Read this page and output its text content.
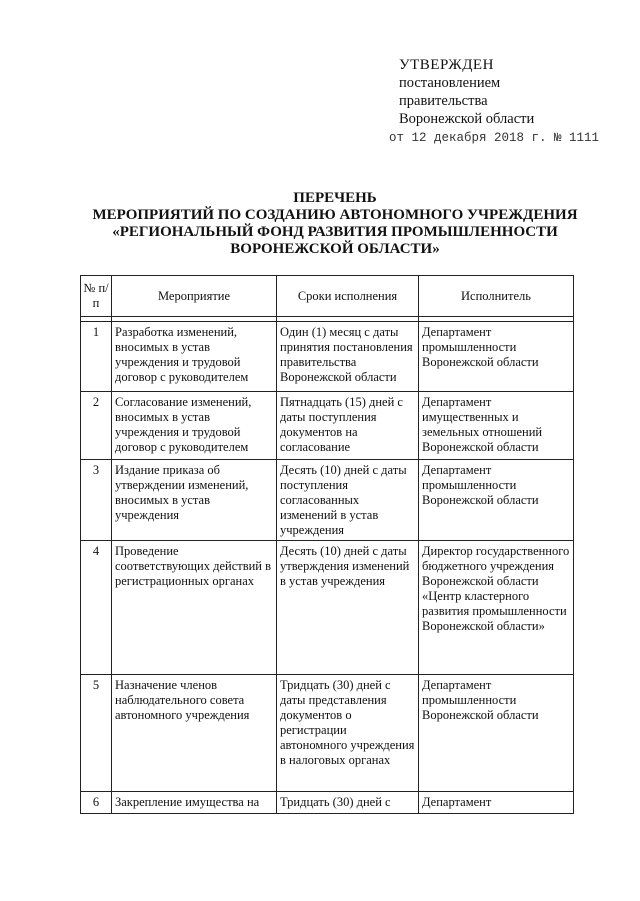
УТВЕРЖДЕН
постановлением
правительства
Воронежской области
от 12 декабря 2018 г. № 1111
ПЕРЕЧЕНЬ
МЕРОПРИЯТИЙ ПО СОЗДАНИЮ АВТОНОМНОГО УЧРЕЖДЕНИЯ
«РЕГИОНАЛЬНЫЙ ФОНД РАЗВИТИЯ ПРОМЫШЛЕННОСТИ
ВОРОНЕЖСКОЙ ОБЛАСТИ»
№ п/п	Мероприятие	Сроки исполнения	Исполнитель

1	Разработка изменений, вносимых в устав учреждения и трудовой договор с руководителем	Один (1) месяц с даты принятия постановления правительства Воронежской области	Департамент промышленности Воронежской области
2	Согласование изменений, вносимых в устав учреждения и трудовой договор с руководителем	Пятнадцать (15) дней с даты поступления документов на согласование	Департамент имущественных и земельных отношений Воронежской области
3	Издание приказа об утверждении изменений, вносимых в устав учреждения	Десять (10) дней с даты поступления согласованных изменений в устав учреждения	Департамент промышленности Воронежской области
4	Проведение соответствующих действий в регистрационных органах	Десять (10) дней с даты утверждения изменений в устав учреждения	Директор государственного бюджетного учреждения Воронежской области «Центр кластерного развития промышленности Воронежской области»
5	Назначение членов наблюдательного совета автономного учреждения	Тридцать (30) дней с даты представления документов о регистрации автономного учреждения в налоговых органах	Департамент промышленности Воронежской области
6	Закрепление имущества на	Тридцать (30) дней с	Департамент
